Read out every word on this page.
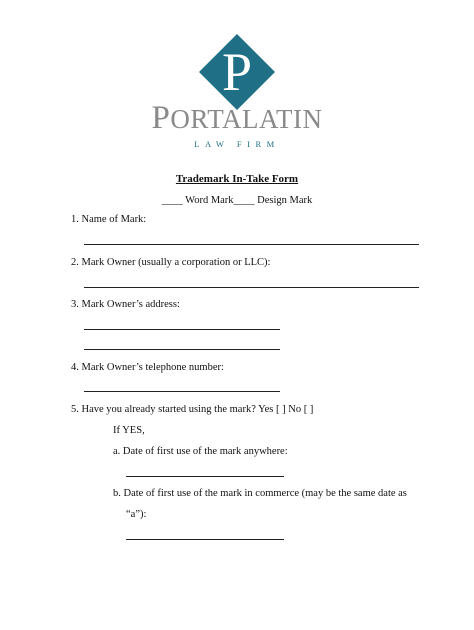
P
PORTALATIN
LAW FIRM
Trademark In-Take Form
____ Word Mark____ Design Mark
1. Name of Mark:
2. Mark Owner (usually a corporation or LLC):
3. Mark Owner’s address:
4. Mark Owner’s telephone number:
5. Have you already started using the mark? Yes [ ] No [ ]
If YES,
a. Date of first use of the mark anywhere:
b. Date of first use of the mark in commerce (may be the same date as
“a”):
